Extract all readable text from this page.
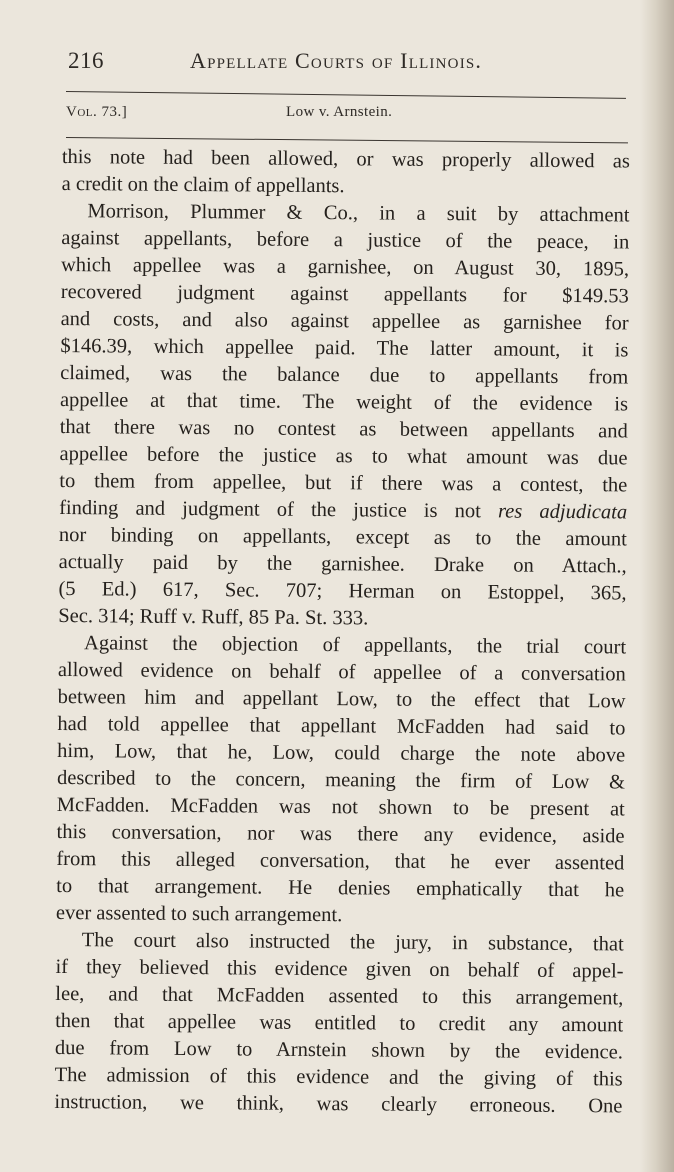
216	Appellate Courts of Illinois.
Vol. 73.]	Low v. Arnstein.
this note had been allowed, or was properly allowed as
a credit on the claim of appellants.
Morrison, Plummer & Co., in a suit by attachment
against appellants, before a justice of the peace, in
which appellee was a garnishee, on August 30, 1895,
recovered judgment against appellants for $149.53
and costs, and also against appellee as garnishee for
$146.39, which appellee paid. The latter amount, it is
claimed, was the balance due to appellants from
appellee at that time. The weight of the evidence is
that there was no contest as between appellants and
appellee before the justice as to what amount was due
to them from appellee, but if there was a contest, the
finding and judgment of the justice is not res adjudicata
nor binding on appellants, except as to the amount
actually paid by the garnishee. Drake on Attach.,
(5 Ed.) 617, Sec. 707; Herman on Estoppel, 365,
Sec. 314; Ruff v. Ruff, 85 Pa. St. 333.
Against the objection of appellants, the trial court
allowed evidence on behalf of appellee of a conversation
between him and appellant Low, to the effect that Low
had told appellee that appellant McFadden had said to
him, Low, that he, Low, could charge the note above
described to the concern, meaning the firm of Low &
McFadden. McFadden was not shown to be present at
this conversation, nor was there any evidence, aside
from this alleged conversation, that he ever assented
to that arrangement. He denies emphatically that he
ever assented to such arrangement.
The court also instructed the jury, in substance, that
if they believed this evidence given on behalf of appel-
lee, and that McFadden assented to this arrangement,
then that appellee was entitled to credit any amount
due from Low to Arnstein shown by the evidence.
The admission of this evidence and the giving of this
instruction, we think, was clearly erroneous. One
